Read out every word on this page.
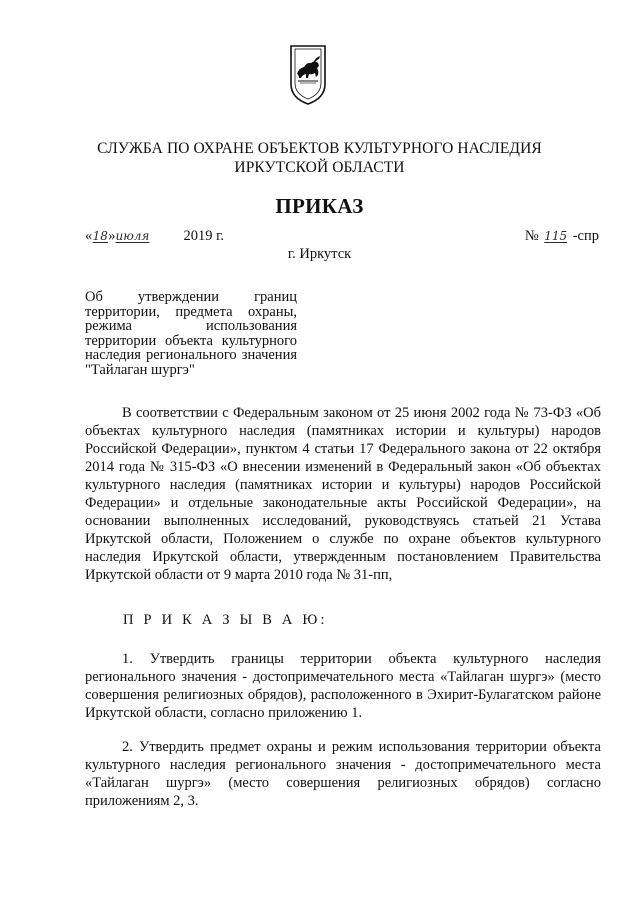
СЛУЖБА ПО ОХРАНЕ ОБЪЕКТОВ КУЛЬТУРНОГО НАСЛЕДИЯ
ИРКУТСКОЙ ОБЛАСТИ
ПРИКАЗ
«18»июля 2019 г.	№ 115 -спр
г. Иркутск
Об утверждении границ территории, предмета охраны, режима использования территории объекта культурного наследия регионального значения "Тайлаган шургэ"
В соответствии с Федеральным законом от 25 июня 2002 года № 73-ФЗ «Об объектах культурного наследия (памятниках истории и культуры) народов Российской Федерации», пунктом 4 статьи 17 Федерального закона от 22 октября 2014 года № 315-ФЗ «О внесении изменений в Федеральный закон «Об объектах культурного наследия (памятниках истории и культуры) народов Российской Федерации» и отдельные законодательные акты Российской Федерации», на основании выполненных исследований, руководствуясь статьей 21 Устава Иркутской области, Положением о службе по охране объектов культурного наследия Иркутской области, утвержденным постановлением Правительства Иркутской области от 9 марта 2010 года № 31-пп,
П Р И К А З Ы В А Ю:
1. Утвердить границы территории объекта культурного наследия регионального значения - достопримечательного места «Тайлаган шургэ» (место совершения религиозных обрядов), расположенного в Эхирит-Булагатском районе Иркутской области, согласно приложению 1.
2. Утвердить предмет охраны и режим использования территории объекта культурного наследия регионального значения - достопримечательного места «Тайлаган шургэ» (место совершения религиозных обрядов) согласно приложениям 2, 3.
